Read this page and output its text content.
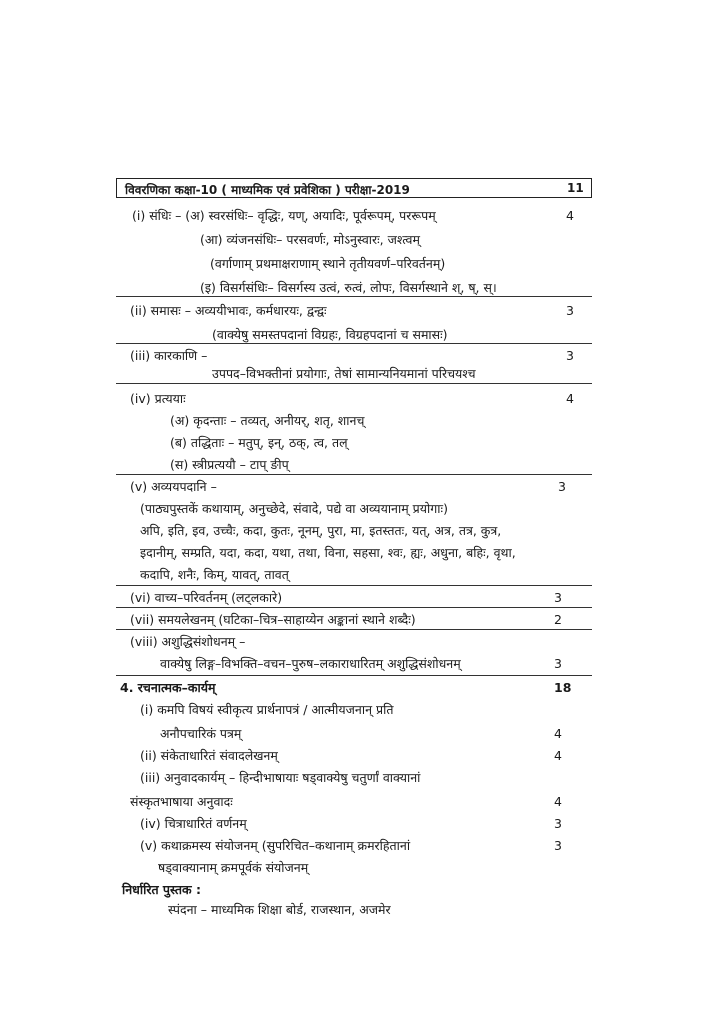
विवरणिका कक्षा-10 ( माध्यमिक एवं प्रवेशिका ) परीक्षा-2019	11
(i) संधिः – (अ) स्वरसंधिः– वृद्धिः, यण्, अयादिः, पूर्वरूपम्, पररूपम्	4
(आ) व्यंजनसंधिः– परसवर्णः, मोऽनुस्वारः, जश्त्वम्
(वर्गाणाम् प्रथमाक्षराणाम् स्थाने तृतीयवर्ण–परिवर्तनम्)
(इ) विसर्गसंधिः– विसर्गस्य उत्वं, रुत्वं, लोपः, विसर्गस्थाने श्, ष्, स्।
(ii) समासः – अव्ययीभावः, कर्मधारयः, द्वन्द्वः	3
(वाक्येषु समस्तपदानां विग्रहः, विग्रहपदानां च समासः)
(iii) कारकाणि –	3
उपपद–विभक्तीनां प्रयोगाः, तेषां सामान्यनियमानां परिचयश्च
(iv) प्रत्ययाः	4
(अ) कृदन्ताः – तव्यत्, अनीयर्, शतृ, शानच्
(ब) तद्धिताः – मतुप्, इन्, ठक्, त्व, तल्
(स) स्त्रीप्रत्ययौ – टाप् ङीप्
(v) अव्ययपदानि –	3
(पाठ्यपुस्तकें कथायाम्, अनुच्छेदे, संवादे, पद्ये वा अव्ययानाम् प्रयोगाः)
अपि, इति, इव, उच्चैः, कदा, कुतः, नूनम्, पुरा, मा, इतस्ततः, यत्, अत्र, तत्र, कुत्र,
इदानीम्, सम्प्रति, यदा, कदा, यथा, तथा, विना, सहसा, श्वः, ह्यः, अधुना, बहिः, वृथा,
कदापि, शनैः, किम्, यावत्, तावत्
(vi) वाच्य–परिवर्तनम् (लट्लकारे)	3
(vii) समयलेखनम् (घटिका–चित्र–साहाय्येन अङ्कानां स्थाने शब्दैः)	2
(viii) अशुद्धिसंशोधनम् –
वाक्येषु लिङ्ग–विभक्ति–वचन–पुरुष–लकाराधारितम् अशुद्धिसंशोधनम्	3
4. रचनात्मक–कार्यम्	18
(i) कमपि विषयं स्वीकृत्य प्रार्थनापत्रं / आत्मीयजनान् प्रति
अनौपचारिकं पत्रम्	4
(ii) संकेताधारितं संवादलेखनम्	4
(iii) अनुवादकार्यम् – हिन्दीभाषायाः षड्वाक्येषु चतुर्णां वाक्यानां
संस्कृतभाषाया अनुवादः	4
(iv) चित्राधारितं वर्णनम्	3
(v) कथाक्रमस्य संयोजनम् (सुपरिचित–कथानाम् क्रमरहितानां	3
षड्वाक्यानाम् क्रमपूर्वकं संयोजनम्
निर्धारित पुस्तक :
स्पंदना – माध्यमिक शिक्षा बोर्ड, राजस्थान, अजमेर
